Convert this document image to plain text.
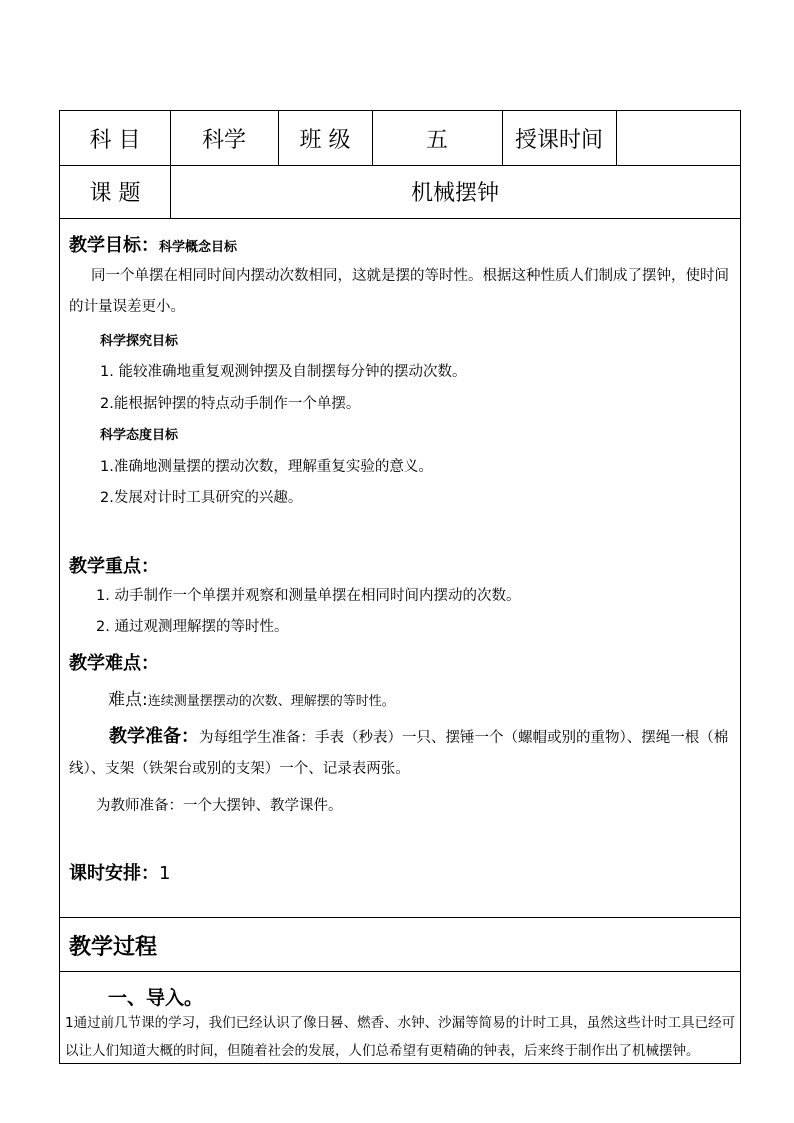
科 目	科学	班 级	五	授课时间
课 题	机械摆钟
教学目标：科学概念目标
同一个单摆在相同时间内摆动次数相同，这就是摆的等时性。根据这种性质人们制成了摆钟，使时间的计量误差更小。
科学探究目标
1. 能较准确地重复观测钟摆及自制摆每分钟的摆动次数。
2.能根据钟摆的特点动手制作一个单摆。
科学态度目标
1.准确地测量摆的摆动次数，理解重复实验的意义。
2.发展对计时工具研究的兴趣。
教学重点：
1. 动手制作一个单摆并观察和测量单摆在相同时间内摆动的次数。
2. 通过观测理解摆的等时性。
教学难点：
难点:连续测量摆摆动的次数、理解摆的等时性。
教学准备：为每组学生准备：手表（秒表）一只、摆锤一个（螺帽或别的重物）、摆绳一根（棉线）、支架（铁架台或别的支架）一个、记录表两张。
为教师准备：一个大摆钟、教学课件。
课时安排：1
教学过程
一、导入。
1通过前几节课的学习，我们已经认识了像日晷、燃香、水钟、沙漏等简易的计时工具，虽然这些计时工具已经可以让人们知道大概的时间，但随着社会的发展，人们总希望有更精确的钟表，后来终于制作出了机械摆钟。
